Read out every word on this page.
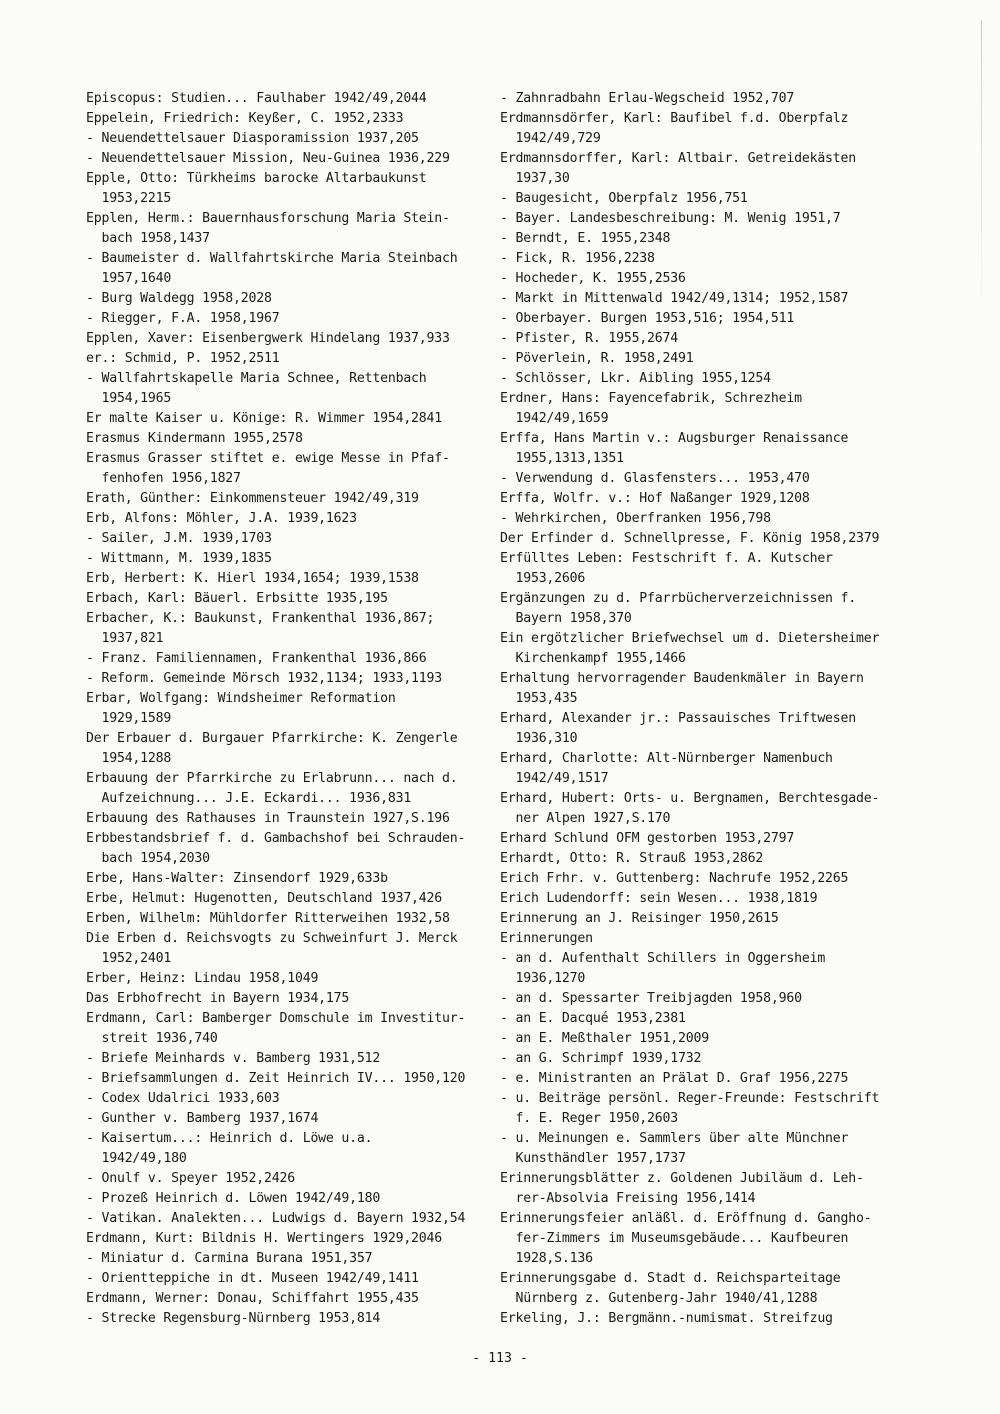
Episcopus: Studien... Faulhaber 1942/49,2044
Eppelein, Friedrich: Keyßer, C. 1952,2333
- Neuendettelsauer Diasporamission 1937,205
- Neuendettelsauer Mission, Neu-Guinea 1936,229
Epple, Otto: Türkheims barocke Altarbaukunst
1953,2215
Epplen, Herm.: Bauernhausforschung Maria Stein-
bach 1958,1437
- Baumeister d. Wallfahrtskirche Maria Steinbach
1957,1640
- Burg Waldegg 1958,2028
- Riegger, F.A. 1958,1967
Epplen, Xaver: Eisenbergwerk Hindelang 1937,933
er.: Schmid, P. 1952,2511
- Wallfahrtskapelle Maria Schnee, Rettenbach
1954,1965
Er malte Kaiser u. Könige: R. Wimmer 1954,2841
Erasmus Kindermann 1955,2578
Erasmus Grasser stiftet e. ewige Messe in Pfaf-
fenhofen 1956,1827
Erath, Günther: Einkommensteuer 1942/49,319
Erb, Alfons: Möhler, J.A. 1939,1623
- Sailer, J.M. 1939,1703
- Wittmann, M. 1939,1835
Erb, Herbert: K. Hierl 1934,1654; 1939,1538
Erbach, Karl: Bäuerl. Erbsitte 1935,195
Erbacher, K.: Baukunst, Frankenthal 1936,867;
1937,821
- Franz. Familiennamen, Frankenthal 1936,866
- Reform. Gemeinde Mörsch 1932,1134; 1933,1193
Erbar, Wolfgang: Windsheimer Reformation
1929,1589
Der Erbauer d. Burgauer Pfarrkirche: K. Zengerle
1954,1288
Erbauung der Pfarrkirche zu Erlabrunn... nach d.
Aufzeichnung... J.E. Eckardi... 1936,831
Erbauung des Rathauses in Traunstein 1927,S.196
Erbbestandsbrief f. d. Gambachshof bei Schrauden-
bach 1954,2030
Erbe, Hans-Walter: Zinsendorf 1929,633b
Erbe, Helmut: Hugenotten, Deutschland 1937,426
Erben, Wilhelm: Mühldorfer Ritterweihen 1932,58
Die Erben d. Reichsvogts zu Schweinfurt J. Merck
1952,2401
Erber, Heinz: Lindau 1958,1049
Das Erbhofrecht in Bayern 1934,175
Erdmann, Carl: Bamberger Domschule im Investitur-
streit 1936,740
- Briefe Meinhards v. Bamberg 1931,512
- Briefsammlungen d. Zeit Heinrich IV... 1950,120
- Codex Udalrici 1933,603
- Gunther v. Bamberg 1937,1674
- Kaisertum...: Heinrich d. Löwe u.a.
1942/49,180
- Onulf v. Speyer 1952,2426
- Prozeß Heinrich d. Löwen 1942/49,180
- Vatikan. Analekten... Ludwigs d. Bayern 1932,54
Erdmann, Kurt: Bildnis H. Wertingers 1929,2046
- Miniatur d. Carmina Burana 1951,357
- Orientteppiche in dt. Museen 1942/49,1411
Erdmann, Werner: Donau, Schiffahrt 1955,435
- Strecke Regensburg-Nürnberg 1953,814
- Zahnradbahn Erlau-Wegscheid 1952,707
Erdmannsdörfer, Karl: Baufibel f.d. Oberpfalz
1942/49,729
Erdmannsdorffer, Karl: Altbair. Getreidekästen
1937,30
- Baugesicht, Oberpfalz 1956,751
- Bayer. Landesbeschreibung: M. Wenig 1951,7
- Berndt, E. 1955,2348
- Fick, R. 1956,2238
- Hocheder, K. 1955,2536
- Markt in Mittenwald 1942/49,1314; 1952,1587
- Oberbayer. Burgen 1953,516; 1954,511
- Pfister, R. 1955,2674
- Pöverlein, R. 1958,2491
- Schlösser, Lkr. Aibling 1955,1254
Erdner, Hans: Fayencefabrik, Schrezheim
1942/49,1659
Erffa, Hans Martin v.: Augsburger Renaissance
1955,1313,1351
- Verwendung d. Glasfensters... 1953,470
Erffa, Wolfr. v.: Hof Naßanger 1929,1208
- Wehrkirchen, Oberfranken 1956,798
Der Erfinder d. Schnellpresse, F. König 1958,2379
Erfülltes Leben: Festschrift f. A. Kutscher
1953,2606
Ergänzungen zu d. Pfarrbücherverzeichnissen f.
Bayern 1958,370
Ein ergötzlicher Briefwechsel um d. Dietersheimer
Kirchenkampf 1955,1466
Erhaltung hervorragender Baudenkmäler in Bayern
1953,435
Erhard, Alexander jr.: Passauisches Triftwesen
1936,310
Erhard, Charlotte: Alt-Nürnberger Namenbuch
1942/49,1517
Erhard, Hubert: Orts- u. Bergnamen, Berchtesgade-
ner Alpen 1927,S.170
Erhard Schlund OFM gestorben 1953,2797
Erhardt, Otto: R. Strauß 1953,2862
Erich Frhr. v. Guttenberg: Nachrufe 1952,2265
Erich Ludendorff: sein Wesen... 1938,1819
Erinnerung an J. Reisinger 1950,2615
Erinnerungen
- an d. Aufenthalt Schillers in Oggersheim
1936,1270
- an d. Spessarter Treibjagden 1958,960
- an E. Dacqué 1953,2381
- an E. Meßthaler 1951,2009
- an G. Schrimpf 1939,1732
- e. Ministranten an Prälat D. Graf 1956,2275
- u. Beiträge persönl. Reger-Freunde: Festschrift
f. E. Reger 1950,2603
- u. Meinungen e. Sammlers über alte Münchner
Kunsthändler 1957,1737
Erinnerungsblätter z. Goldenen Jubiläum d. Leh-
rer-Absolvia Freising 1956,1414
Erinnerungsfeier anläßl. d. Eröffnung d. Gangho-
fer-Zimmers im Museumsgebäude... Kaufbeuren
1928,S.136
Erinnerungsgabe d. Stadt d. Reichsparteitage
Nürnberg z. Gutenberg-Jahr 1940/41,1288
Erkeling, J.: Bergmänn.-numismat. Streifzug
- 113 -
